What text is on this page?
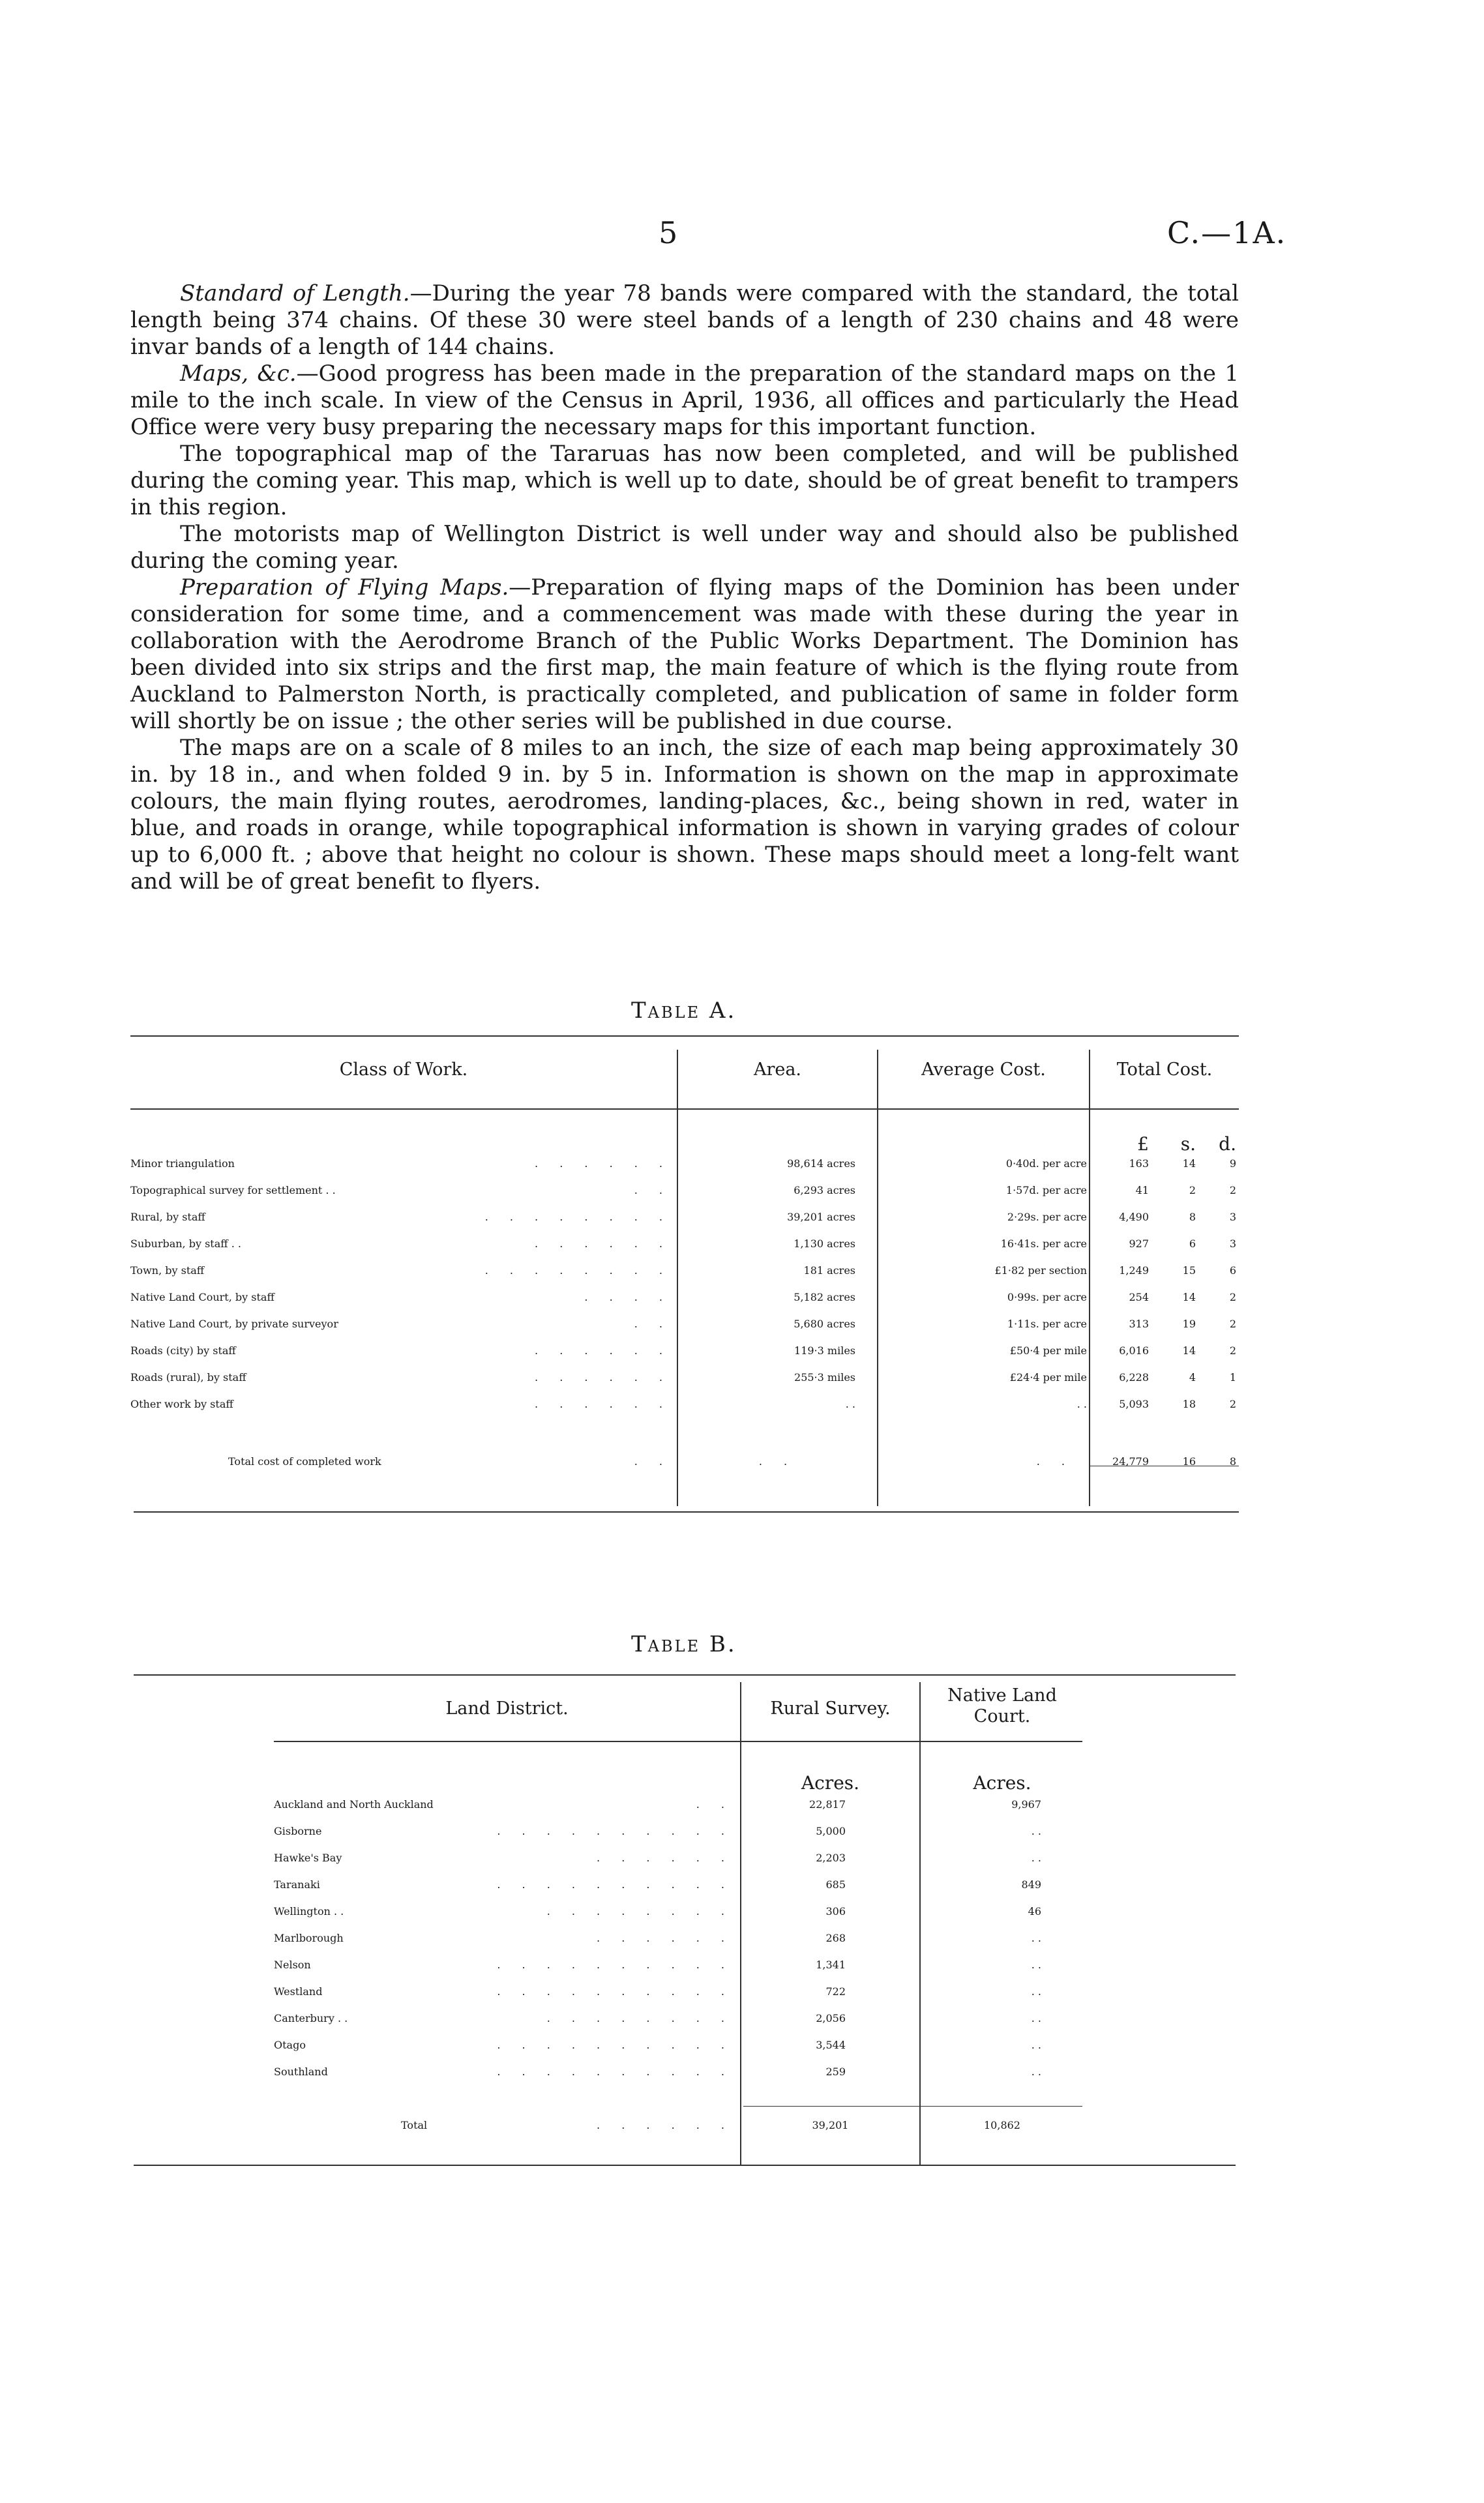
5	C.—1A.

Standard of Length.—During the year 78 bands were compared with the standard, the total length being 374 chains. Of these 30 were steel bands of a length of 230 chains and 48 were invar bands of a length of 144 chains.

Maps, &c.—Good progress has been made in the preparation of the standard maps on the 1 mile to the inch scale. In view of the Census in April, 1936, all offices and particularly the Head Office were very busy preparing the necessary maps for this important function.

The topographical map of the Tararuas has now been completed, and will be published during the coming year. This map, which is well up to date, should be of great benefit to trampers in this region.

The motorists map of Wellington District is well under way and should also be published during the coming year.

Preparation of Flying Maps.—Preparation of flying maps of the Dominion has been under consideration for some time, and a commencement was made with these during the year in collaboration with the Aerodrome Branch of the Public Works Department. The Dominion has been divided into six strips and the first map, the main feature of which is the flying route from Auckland to Palmerston North, is practically completed, and publication of same in folder form will shortly be on issue ; the other series will be published in due course.

The maps are on a scale of 8 miles to an inch, the size of each map being approximately 30 in. by 18 in., and when folded 9 in. by 5 in. Information is shown on the map in approximate colours, the main flying routes, aerodromes, landing-places, &c., being shown in red, water in blue, and roads in orange, while topographical information is shown in varying grades of colour up to 6,000 ft. ; above that height no colour is shown. These maps should meet a long-felt want and will be of great benefit to flyers.

Table A.
Class of Work.	Area.	Average Cost.	Total Cost.
£	s.	d.
Minor triangulation	. . . . . .	98,614 acres	0·40d. per acre	163	14	9
Topographical survey for settlement . .	. .	6,293 acres	1·57d. per acre	41	2	2
Rural, by staff	. . . . . . . .	39,201 acres	2·29s. per acre	4,490	8	3
Suburban, by staff . .	. . . . . .	1,130 acres	16·41s. per acre	927	6	3
Town, by staff	. . . . . . . .	181 acres	£1·82 per section	1,249	15	6
Native Land Court, by staff	. . . .	5,182 acres	0·99s. per acre	254	14	2
Native Land Court, by private surveyor	. .	5,680 acres	1·11s. per acre	313	19	2
Roads (city) by staff	. . . . . .	119·3 miles	£50·4 per mile	6,016	14	2
Roads (rural), by staff	. . . . . .	255·3 miles	£24·4 per mile	6,228	4	1
Other work by staff	. . . . . .	. .	. .	5,093	18	2
Total cost of completed work	. .	. .	. .	24,779	16	8
Table B.
Land District.	Rural Survey.
Native Land Court.
Acres.	Acres.
Auckland and North Auckland	. .	22,817	9,967
Gisborne	. . . . . . . . . .	5,000	. .
Hawke's Bay	. . . . . .	2,203	. .
Taranaki	. . . . . . . . . .	685	849
Wellington . .	. . . . . . . .	306	46
Marlborough	. . . . . .	268	. .
Nelson	. . . . . . . . . .	1,341	. .
Westland	. . . . . . . . . .	722	. .
Canterbury . .	. . . . . . . .	2,056	. .
Otago	. . . . . . . . . .	3,544	. .
Southland	. . . . . . . . . .	259	. .
Total	. . . . . .	39,201	10,862
